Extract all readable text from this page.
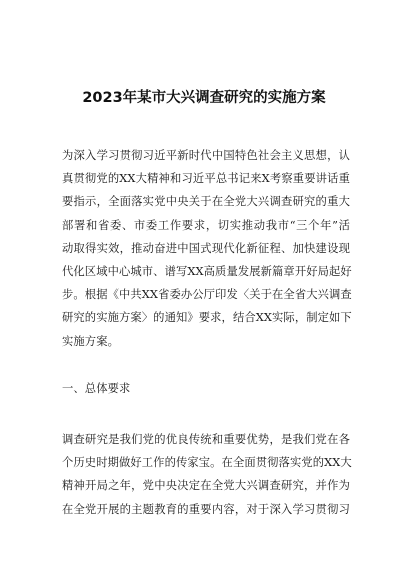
2023年某市大兴调查研究的实施方案
为深入学习贯彻习近平新时代中国特色社会主义思想，认
真贯彻党的XX大精神和习近平总书记来X考察重要讲话重
要指示，全面落实党中央关于在全党大兴调查研究的重大
部署和省委、市委工作要求，切实推动我市“三个年”活
动取得实效，推动奋进中国式现代化新征程、加快建设现
代化区域中心城市、谱写XX高质量发展新篇章开好局起好
步。根据《中共XX省委办公厅印发〈关于在全省大兴调查
研究的实施方案〉的通知》要求，结合XX实际，制定如下
实施方案。
一、总体要求
调查研究是我们党的优良传统和重要优势，是我们党在各
个历史时期做好工作的传家宝。在全面贯彻落实党的XX大
精神开局之年，党中央决定在全党大兴调查研究，并作为
在全党开展的主题教育的重要内容，对于深入学习贯彻习
